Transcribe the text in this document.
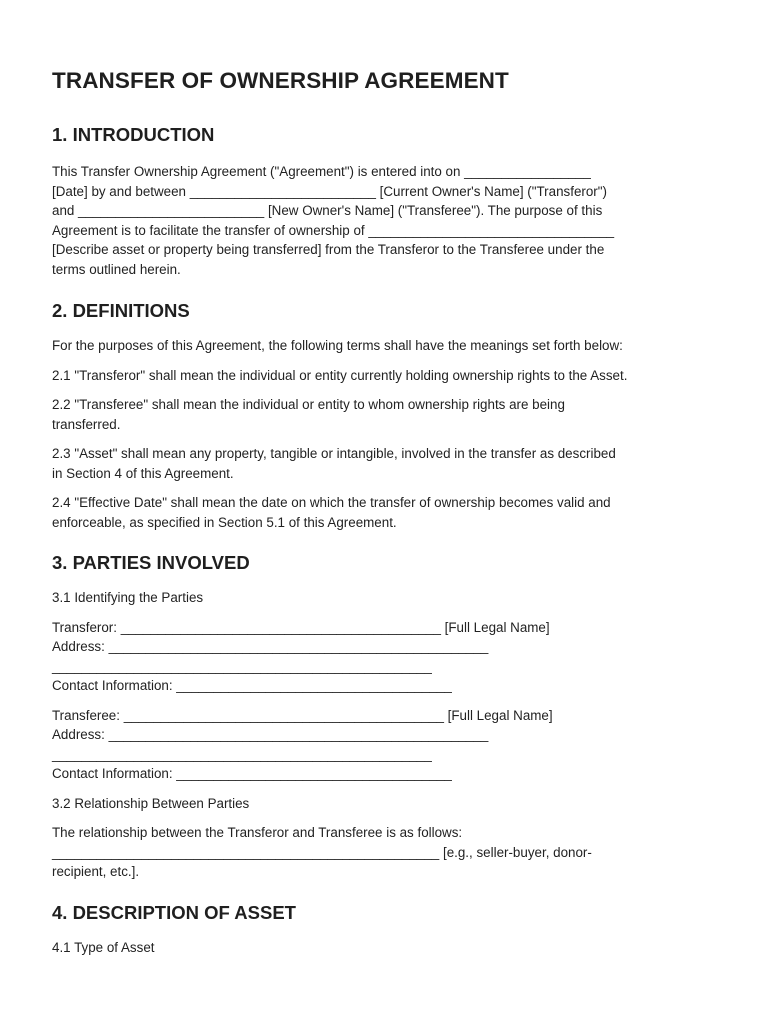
TRANSFER OF OWNERSHIP AGREEMENT
1. INTRODUCTION

This Transfer Ownership Agreement ("Agreement") is entered into on _________________
[Date] by and between _________________________ [Current Owner's Name] ("Transferor")
and _________________________ [New Owner's Name] ("Transferee"). The purpose of this
Agreement is to facilitate the transfer of ownership of _________________________________
[Describe asset or property being transferred] from the Transferor to the Transferee under the
terms outlined herein.

2. DEFINITIONS

For the purposes of this Agreement, the following terms shall have the meanings set forth below:

2.1 "Transferor" shall mean the individual or entity currently holding ownership rights to the Asset.

2.2 "Transferee" shall mean the individual or entity to whom ownership rights are being
transferred.

2.3 "Asset" shall mean any property, tangible or intangible, involved in the transfer as described
in Section 4 of this Agreement.

2.4 "Effective Date" shall mean the date on which the transfer of ownership becomes valid and
enforceable, as specified in Section 5.1 of this Agreement.

3. PARTIES INVOLVED

3.1 Identifying the Parties

Transferor: ___________________________________________ [Full Legal Name]
Address: ___________________________________________________
___________________________________________________
Contact Information: _____________________________________

Transferee: ___________________________________________ [Full Legal Name]
Address: ___________________________________________________
___________________________________________________
Contact Information: _____________________________________

3.2 Relationship Between Parties

The relationship between the Transferor and Transferee is as follows:
____________________________________________________ [e.g., seller-buyer, donor-
recipient, etc.].

4. DESCRIPTION OF ASSET

4.1 Type of Asset
